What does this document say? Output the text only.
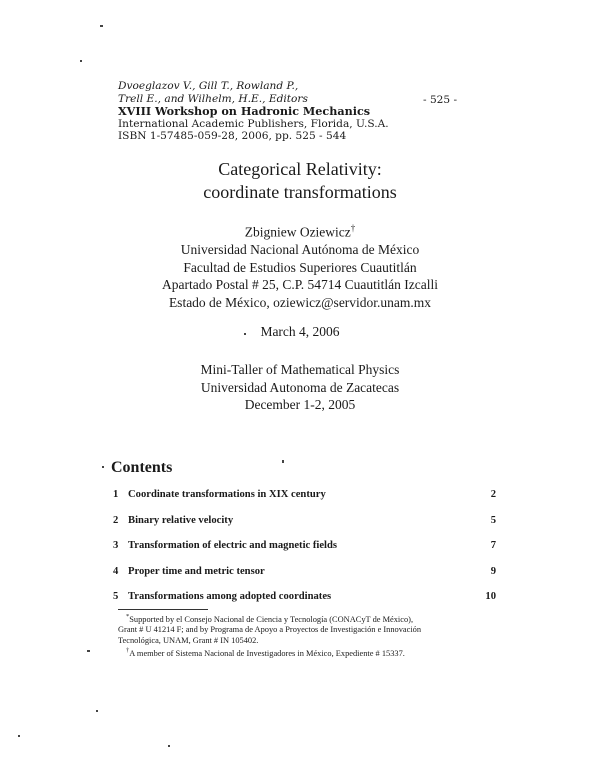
Dvoeglazov V., Gill T., Rowland P.,
Trell E., and Wilhelm, H.E., Editors
XVIII Workshop on Hadronic Mechanics
International Academic Publishers, Florida, U.S.A.
ISBN 1-57485-059-28, 2006, pp. 525 - 544
- 525 -
Categorical Relativity:
coordinate transformations
Zbigniew Oziewicz†
Universidad Nacional Autónoma de México
Facultad de Estudios Superiores Cuautitlán
Apartado Postal # 25, C.P. 54714 Cuautitlán Izcalli
Estado de México, oziewicz@servidor.unam.mx
March 4, 2006
Mini-Taller of Mathematical Physics
Universidad Autonoma de Zacatecas
December 1-2, 2005
Contents
1 Coordinate transformations in XIX century	2
2 Binary relative velocity	5
3 Transformation of electric and magnetic fields	7
4 Proper time and metric tensor	9
5 Transformations among adopted coordinates	10
*Supported by el Consejo Nacional de Ciencia y Tecnología (CONACyT de México),
Grant # U 41214 F; and by Programa de Apoyo a Proyectos de Investigación e Innovación
Tecnológica, UNAM, Grant # IN 105402.
†A member of Sistema Nacional de Investigadores in México, Expediente # 15337.
